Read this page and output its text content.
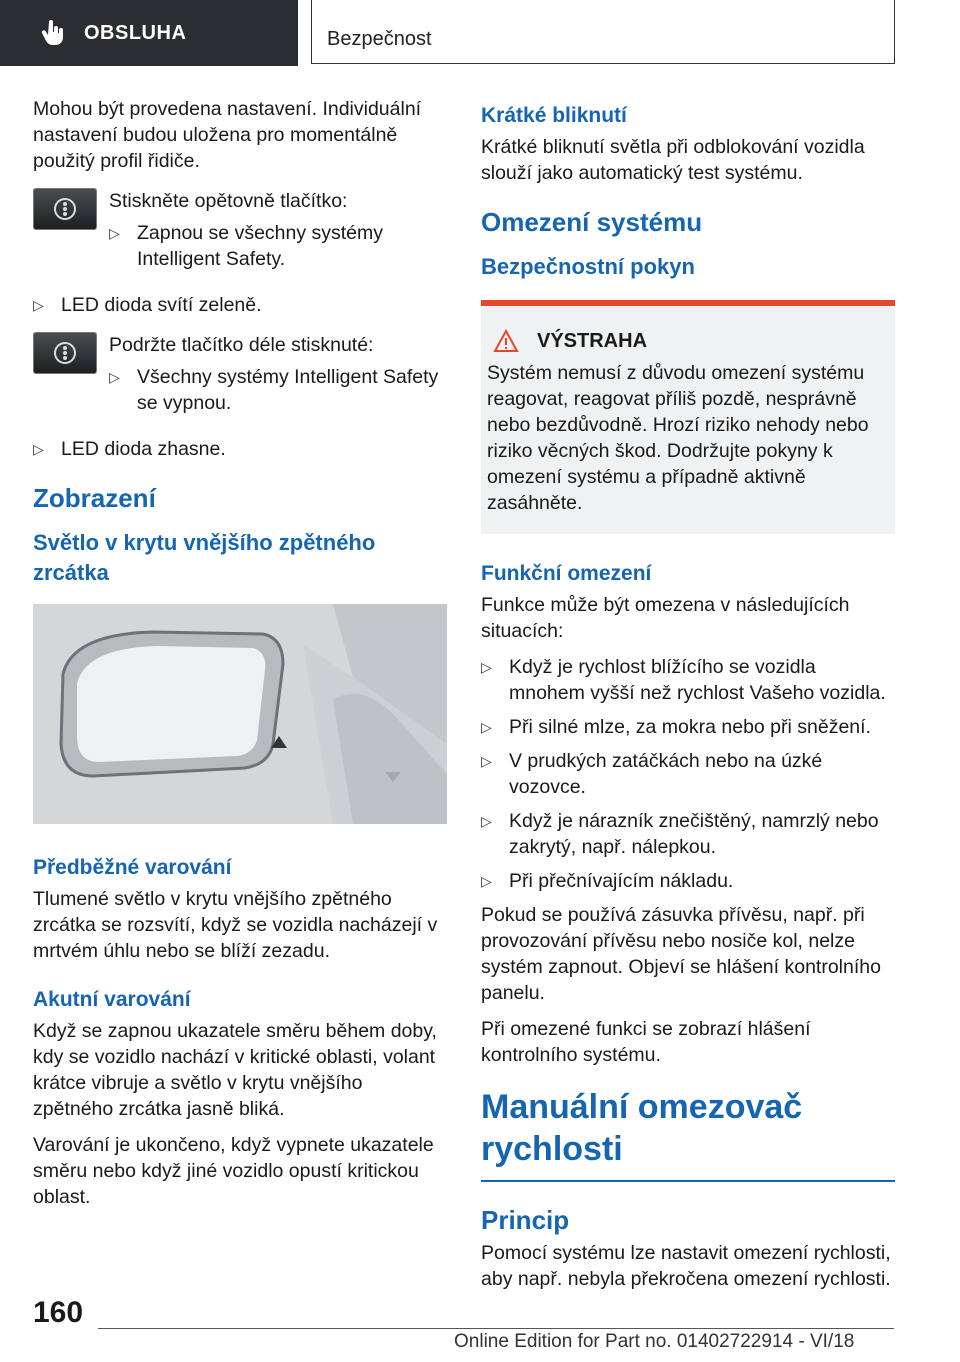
OBSLUHA	Bezpečnost

Mohou být provedena nastavení. Individuální nastavení budou uložena pro momentálně použitý profil řidiče.

Stiskněte opětovně tlačítko:
▷ Zapnou se všechny systémy Intelligent Safety.
▷ LED dioda svítí zeleně.
Podržte tlačítko déle stisknuté:
▷ Všechny systémy Intelligent Safety se vypnou.
▷ LED dioda zhasne.
Zobrazení
Světlo v krytu vnějšího zpětného zrcátka
Předběžné varování

Tlumené světlo v krytu vnějšího zpětného zrcátka se rozsvítí, když se vozidla nacházejí v mrtvém úhlu nebo se blíží zezadu.

Akutní varování

Když se zapnou ukazatele směru během doby, kdy se vozidlo nachází v kritické oblasti, volant krátce vibruje a světlo v krytu vnějšího zpětného zrcátka jasně bliká.

Varování je ukončeno, když vypnete ukazatele směru nebo když jiné vozidlo opustí kritickou oblast.

Krátké bliknutí

Krátké bliknutí světla při odblokování vozidla slouží jako automatický test systému.

Omezení systému
Bezpečnostní pokyn
VÝSTRAHA
Systém nemusí z důvodu omezení systému reagovat, reagovat příliš pozdě, nesprávně nebo bezdůvodně. Hrozí riziko nehody nebo riziko věcných škod. Dodržujte pokyny k omezení systému a případně aktivně zasáhněte.
Funkční omezení

Funkce může být omezena v následujících situacích:

▷ Když je rychlost blížícího se vozidla mnohem vyšší než rychlost Vašeho vozidla.
▷ Při silné mlze, za mokra nebo při sněžení.
▷ V prudkých zatáčkách nebo na úzké vozovce.
▷ Když je nárazník znečištěný, namrzlý nebo zakrytý, např. nálepkou.
▷ Při přečnívajícím nákladu.

Pokud se používá zásuvka přívěsu, např. při provozování přívěsu nebo nosiče kol, nelze systém zapnout. Objeví se hlášení kontrolního panelu.

Při omezené funkci se zobrazí hlášení kontrolního systému.

Manuální omezovač rychlosti
Princip

Pomocí systému lze nastavit omezení rychlosti, aby např. nebyla překročena omezení rychlosti.

160
Online Edition for Part no. 01402722914 - VI/18
